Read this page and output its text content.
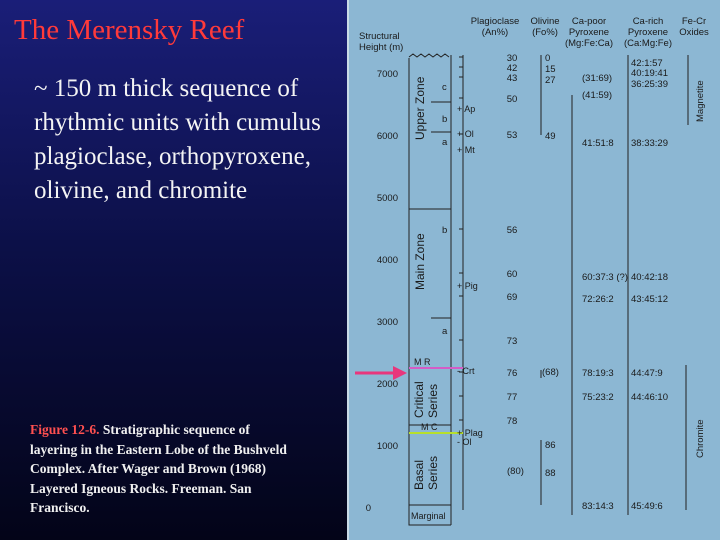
The Merensky Reef
~ 150 m thick sequence of
rhythmic units with cumulus
plagioclase, orthopyroxene,
olivine, and chromite
Figure 12-6. Stratigraphic sequence of layering in the Eastern Lobe of the Bushveld Complex. After Wager and Brown (1968) Layered Igneous Rocks. Freeman. San Francisco.
Structural
Height (m)
Plagioclase
(An%)
Olivine
(Fo%)
Ca-poor
Pyroxene
(Mg:Fe:Ca)
Ca-rich
Pyroxene
(Ca:Mg:Fe)
Fe-Cr
Oxides
7000
6000
5000
4000
3000
2000
1000
0
Upper Zone
Main Zone
Critical Series
Basal Series
Marginal
c
b
a
b
a
M R
M C
+ Ap
+ Ol
+ Mt
+ Pig
- Crt
+ Plag
- Ol
30
42
43
50
53
56
60
69
73
76
77
78
0
15
27
49
(68)
86
(80) 88
(31:69)
(41:59)
41:51:8
60:37:3 (?)
72:26:2
78:19:3
75:23:2
83:14:3
42:1:57
40:19:41
36:25:39
38:33:29
40:42:18
43:45:12
44:47:9
44:46:10
45:49:6
Magnetite
Chromite
